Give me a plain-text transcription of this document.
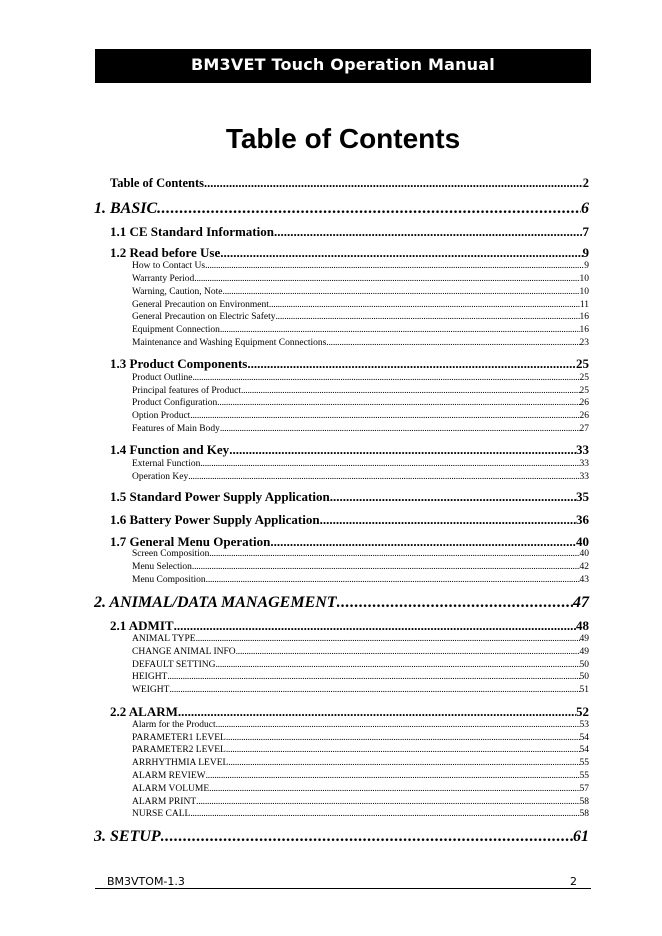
BM3VET Touch Operation Manual
Table of Contents
Table of Contents .....	2
1. BASIC .....	6
1.1 CE Standard Information .....	7
1.2 Read before Use .....	9
How to Contact Us .....	9
Warranty Period .....	10
Warning, Caution, Note .....	10
General Precaution on Environment .....	11
General Precaution on Electric Safety .....	16
Equipment Connection .....	16
Maintenance and Washing Equipment Connections .....	23
1.3 Product Components .....	25
Product Outline .....	25
Principal features of Product .....	25
Product Configuration .....	26
Option Product .....	26
Features of Main Body .....	27
1.4 Function and Key .....	33
External Function .....	33
Operation Key .....	33
1.5 Standard Power Supply Application .....	35
1.6 Battery Power Supply Application .....	36
1.7 General Menu Operation .....	40
Screen Composition .....	40
Menu Selection .....	42
Menu Composition .....	43
2. ANIMAL/DATA MANAGEMENT .....	47
2.1 ADMIT .....	48
ANIMAL TYPE .....	49
CHANGE ANIMAL INFO .....	49
DEFAULT SETTING .....	50
HEIGHT .....	50
WEIGHT .....	51
2.2 ALARM .....	52
Alarm for the Product .....	53
PARAMETER1 LEVEL .....	54
PARAMETER2 LEVEL .....	54
ARRHYTHMIA LEVEL .....	55
ALARM REVIEW .....	55
ALARM VOLUME .....	57
ALARM PRINT .....	58
NURSE CALL .....	58
3. SETUP .....	61
BM3VTOM-1.3	2
